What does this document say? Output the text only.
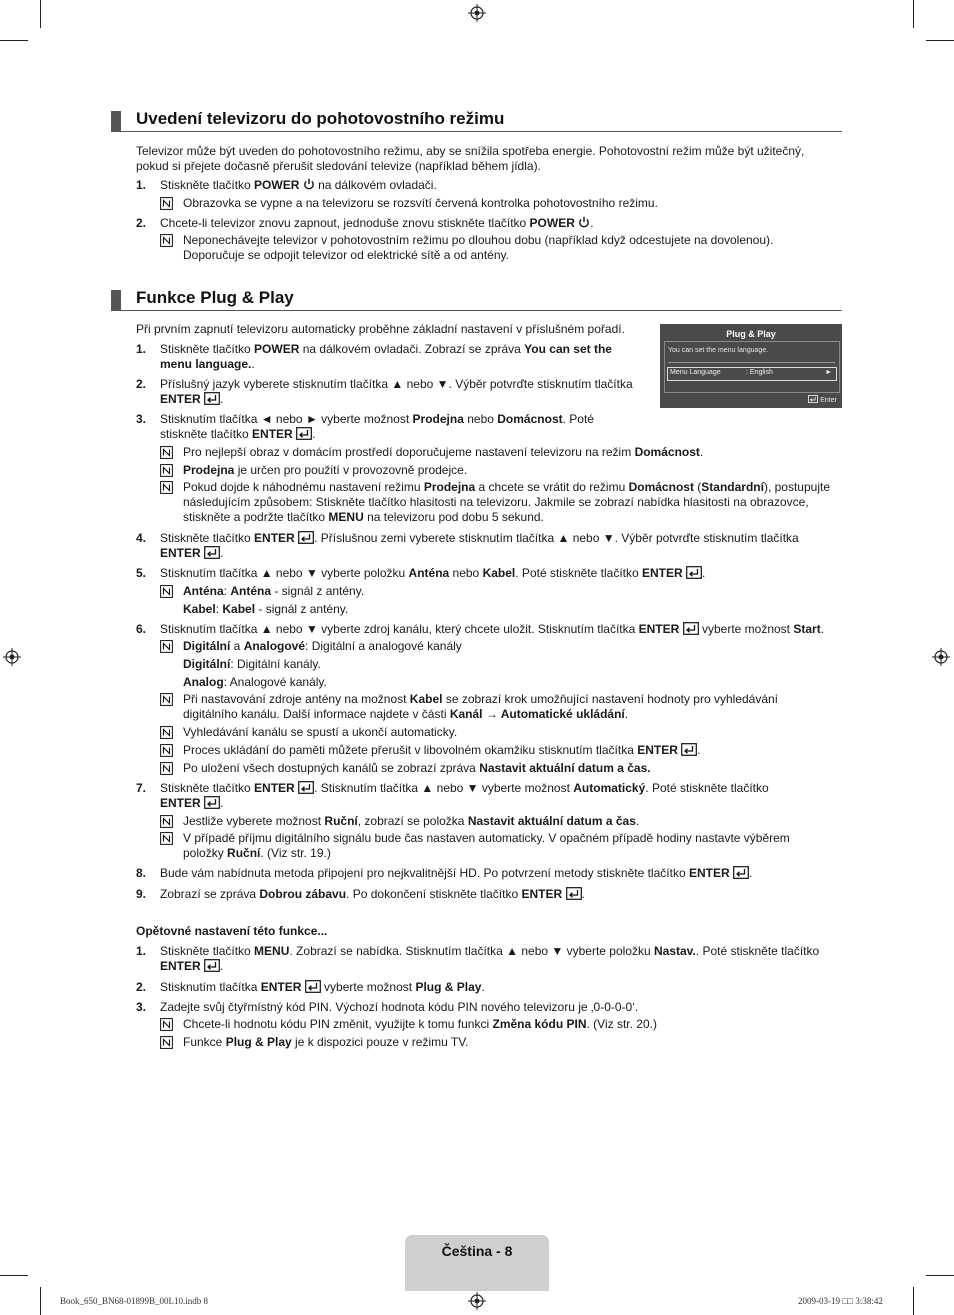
Uvedení televizoru do pohotovostního režimu
Televizor může být uveden do pohotovostního režimu, aby se snížila spotřeba energie. Pohotovostní režim může být užitečný, pokud si přejete dočasně přerušit sledování televize (například během jídla).
1.	Stiskněte tlačítko POWER  na dálkovém ovladači.
Obrazovka se vypne a na televizoru se rozsvítí červená kontrolka pohotovostního režimu.
2.	Chcete-li televizor znovu zapnout, jednoduše znovu stiskněte tlačítko POWER .
Neponechávejte televizor v pohotovostním režimu po dlouhou dobu (například když odcestujete na dovolenou). Doporučuje se odpojit televizor od elektrické sítě a od antény.
Funkce Plug & Play
Při prvním zapnutí televizoru automaticky proběhne základní nastavení v příslušném pořadí.	Plug & Play
You can set the menu language.
Menu Language	: English	►
Enter
1.	Stiskněte tlačítko POWER na dálkovém ovladači. Zobrazí se zpráva You can set the menu language..
2.	Příslušný jazyk vyberete stisknutím tlačítka ▲ nebo ▼. Výběr potvrďte stisknutím tlačítka ENTER .
3.	Stisknutím tlačítka ◄ nebo ► vyberte možnost Prodejna nebo Domácnost. Poté stiskněte tlačítko ENTER .
Pro nejlepší obraz v domácím prostředí doporučujeme nastavení televizoru na režim Domácnost.
Prodejna je určen pro použití v provozovně prodejce.
Pokud dojde k náhodnému nastavení režimu Prodejna a chcete se vrátit do režimu Domácnost (Standardní), postupujte následujícím způsobem: Stiskněte tlačítko hlasitosti na televizoru. Jakmile se zobrazí nabídka hlasitosti na obrazovce, stiskněte a podržte tlačítko MENU na televizoru pod dobu 5 sekund.
4.	Stiskněte tlačítko ENTER . Příslušnou zemi vyberete stisknutím tlačítka ▲ nebo ▼. Výběr potvrďte stisknutím tlačítka ENTER .
5.	Stisknutím tlačítka ▲ nebo ▼ vyberte položku Anténa nebo Kabel. Poté stiskněte tlačítko ENTER .
Anténa: Anténa - signál z antény.
Kabel: Kabel - signál z antény.
6.	Stisknutím tlačítka ▲ nebo ▼ vyberte zdroj kanálu, který chcete uložit. Stisknutím tlačítka ENTER  vyberte možnost Start.
Digitální a Analogové: Digitální a analogové kanály
Digitální: Digitální kanály.
Analog: Analogové kanály.
Při nastavování zdroje antény na možnost Kabel se zobrazí krok umožňující nastavení hodnoty pro vyhledávání digitálního kanálu. Další informace najdete v části Kanál → Automatické ukládání.
Vyhledávání kanálu se spustí a ukončí automaticky.
Proces ukládání do paměti můžete přerušit v libovolném okamžiku stisknutím tlačítka ENTER .
Po uložení všech dostupných kanálů se zobrazí zpráva Nastavit aktuální datum a čas.
7.	Stiskněte tlačítko ENTER . Stisknutím tlačítka ▲ nebo ▼ vyberte možnost Automatický. Poté stiskněte tlačítko ENTER .
Jestliže vyberete možnost Ruční, zobrazí se položka Nastavit aktuální datum a čas.
V případě příjmu digitálního signálu bude čas nastaven automaticky. V opačném případě hodiny nastavte výběrem položky Ruční. (Viz str. 19.)
8.	Bude vám nabídnuta metoda připojení pro nejkvalitnější HD. Po potvrzení metody stiskněte tlačítko ENTER .
9.	Zobrazí se zpráva Dobrou zábavu. Po dokončení stiskněte tlačítko ENTER .
Opětovné nastavení této funkce...
1.	Stiskněte tlačítko MENU. Zobrazí se nabídka. Stisknutím tlačítka ▲ nebo ▼ vyberte položku Nastav.. Poté stiskněte tlačítko ENTER .
2.	Stisknutím tlačítka ENTER  vyberte možnost Plug & Play.
3.	Zadejte svůj čtyřmístný kód PIN. Výchozí hodnota kódu PIN nového televizoru je ‚0-0-0-0‘.
Chcete-li hodnotu kódu PIN změnit, využijte k tomu funkci Změna kódu PIN. (Viz str. 20.)
Funkce Plug & Play je k dispozici pouze v režimu TV.
Čeština - 8
Book_650_BN68-01899B_00L10.indb 8	2009-03-19 □□ 3:38:42
